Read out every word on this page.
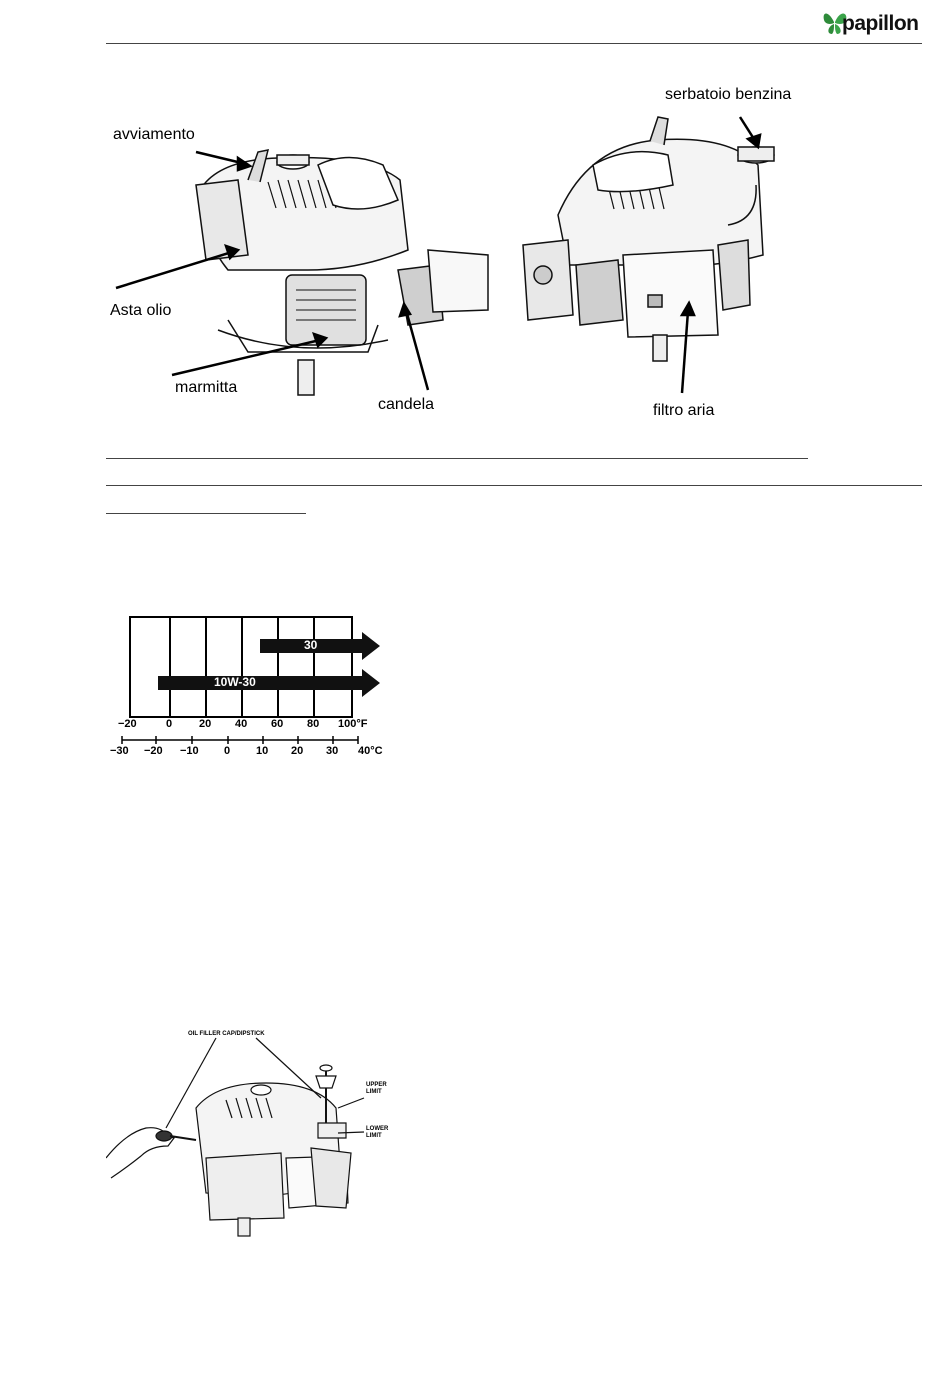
papillon
avviamento
Asta olio
marmitta
candela
serbatoio benzina
filtro aria
30
10W-30
−20	0 20 40 60 80 100°F
−30 −20 −10 0 10 20 30 40°C
OIL FILLER CAP/DIPSTICK
UPPER
LIMIT
LOWER
LIMIT
